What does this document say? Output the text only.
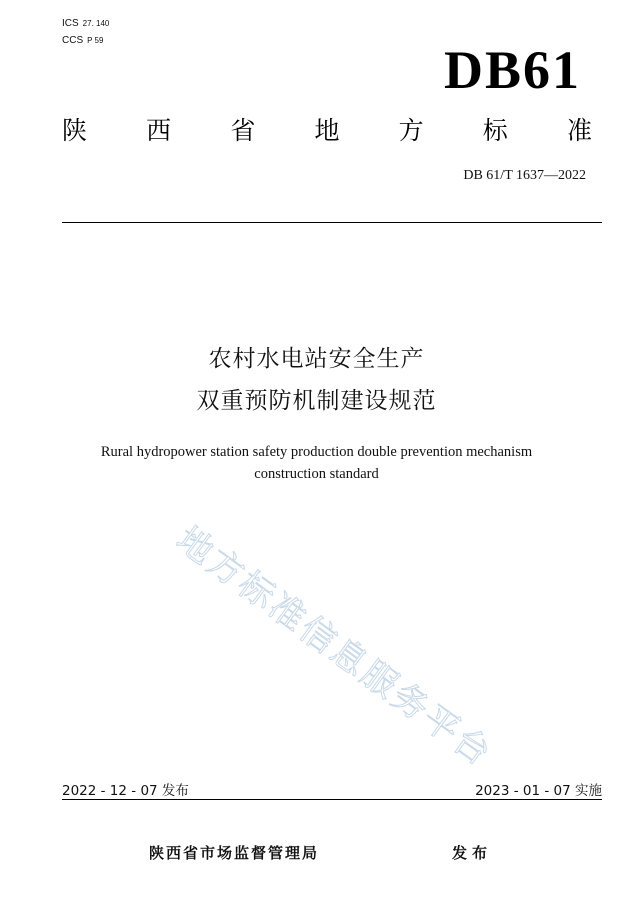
ICS 27. 140
CCS P 59	DB61
陕 西 省 地 方 标 准
DB 61/T 1637—2022
农村水电站安全生产
双重预防机制建设规范
Rural hydropower station safety production double prevention mechanism
construction standard
地方标准信息服务平台
2022 - 12 - 07 发布	2023 - 01 - 07 实施
陕西省市场监督管理局	发布
